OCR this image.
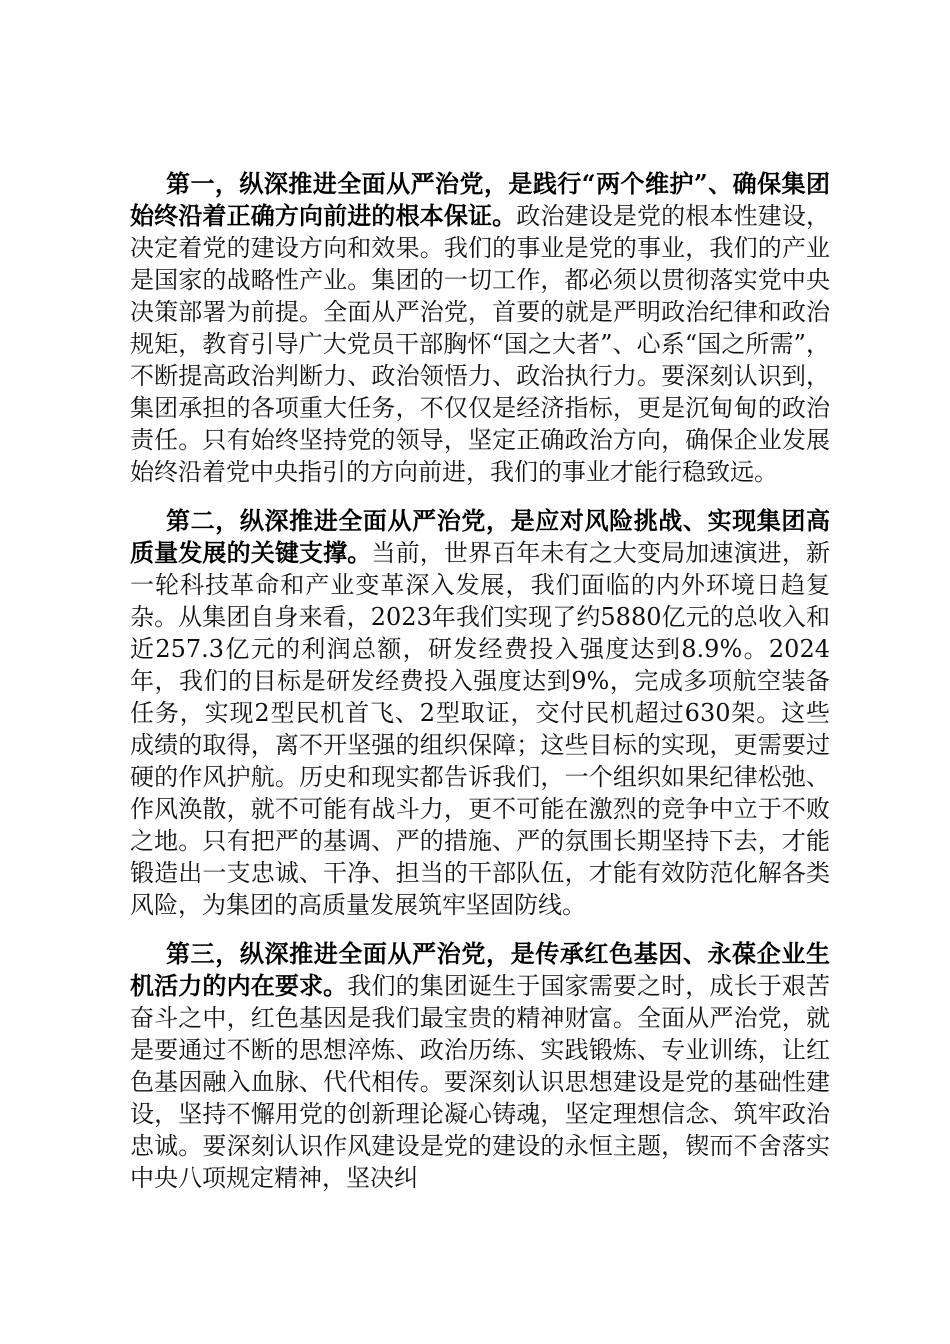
第一，纵深推进全面从严治党，是践行“两个维护”、确保集团始终沿着正确方向前进的根本保证。政治建设是党的根本性建设，决定着党的建设方向和效果。我们的事业是党的事业，我们的产业是国家的战略性产业。集团的一切工作，都必须以贯彻落实党中央决策部署为前提。全面从严治党，首要的就是严明政治纪律和政治规矩，教育引导广大党员干部胸怀“国之大者”、心系“国之所需”，不断提高政治判断力、政治领悟力、政治执行力。要深刻认识到，集团承担的各项重大任务，不仅仅是经济指标，更是沉甸甸的政治责任。只有始终坚持党的领导，坚定正确政治方向，确保企业发展始终沿着党中央指引的方向前进，我们的事业才能行稳致远。

第二，纵深推进全面从严治党，是应对风险挑战、实现集团高质量发展的关键支撑。当前，世界百年未有之大变局加速演进，新一轮科技革命和产业变革深入发展，我们面临的内外环境日趋复杂。从集团自身来看，2023年我们实现了约5880亿元的总收入和近257.3亿元的利润总额，研发经费投入强度达到8.9%。2024年，我们的目标是研发经费投入强度达到9%，完成多项航空装备任务，实现2型民机首飞、2型取证，交付民机超过630架。这些成绩的取得，离不开坚强的组织保障；这些目标的实现，更需要过硬的作风护航。历史和现实都告诉我们，一个组织如果纪律松弛、作风涣散，就不可能有战斗力，更不可能在激烈的竞争中立于不败之地。只有把严的基调、严的措施、严的氛围长期坚持下去，才能锻造出一支忠诚、干净、担当的干部队伍，才能有效防范化解各类风险，为集团的高质量发展筑牢坚固防线。

第三，纵深推进全面从严治党，是传承红色基因、永葆企业生机活力的内在要求。我们的集团诞生于国家需要之时，成长于艰苦奋斗之中，红色基因是我们最宝贵的精神财富。全面从严治党，就是要通过不断的思想淬炼、政治历练、实践锻炼、专业训练，让红色基因融入血脉、代代相传。要深刻认识思想建设是党的基础性建设，坚持不懈用党的创新理论凝心铸魂，坚定理想信念、筑牢政治忠诚。要深刻认识作风建设是党的建设的永恒主题，锲而不舍落实中央八项规定精神，坚决纠
